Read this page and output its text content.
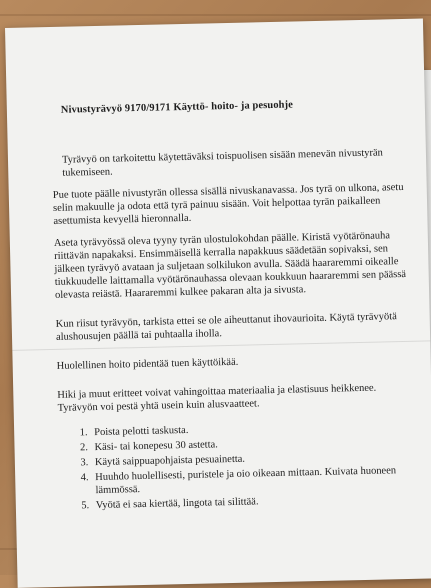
Nivustyrävyö 9170/9171 Käyttö- hoito- ja pesuohje

Tyrävyö on tarkoitettu käytettäväksi toispuolisen sisään menevän nivustyrän tukemiseen.

Pue tuote päälle nivustyrän ollessa sisällä nivuskanavassa. Jos tyrä on ulkona, asetu selin makuulle ja odota että tyrä painuu sisään. Voit helpottaa tyrän paikalleen asettumista kevyellä hieronnalla.

Aseta tyrävyössä oleva tyyny tyrän ulostulokohdan päälle. Kiristä vyötärönauha riittävän napakaksi. Ensimmäisellä kerralla napakkuus säädetään sopivaksi, sen jälkeen tyrävyö avataan ja suljetaan solkilukon avulla. Säädä haararemmi oikealle tiukkuudelle laittamalla vyötärönauhassa olevaan koukkuun haararemmi sen päässä olevasta reiästä. Haararemmi kulkee pakaran alta ja sivusta.

Kun riisut tyrävyön, tarkista ettei se ole aiheuttanut ihovaurioita. Käytä tyrävyötä alushousujen päällä tai puhtaalla iholla.

Huolellinen hoito pidentää tuen käyttöikää.

Hiki ja muut eritteet voivat vahingoittaa materiaalia ja elastisuus heikkenee.

Tyrävyön voi pestä yhtä usein kuin alusvaatteet.

1. Poista pelotti taskusta.
2. Käsi- tai konepesu 30 astetta.
3. Käytä saippuapohjaista pesuainetta.
4. Huuhdo huolellisesti, puristele ja oio oikeaan mittaan. Kuivata huoneen lämmössä.
5. Vyötä ei saa kiertää, lingota tai silittää.
